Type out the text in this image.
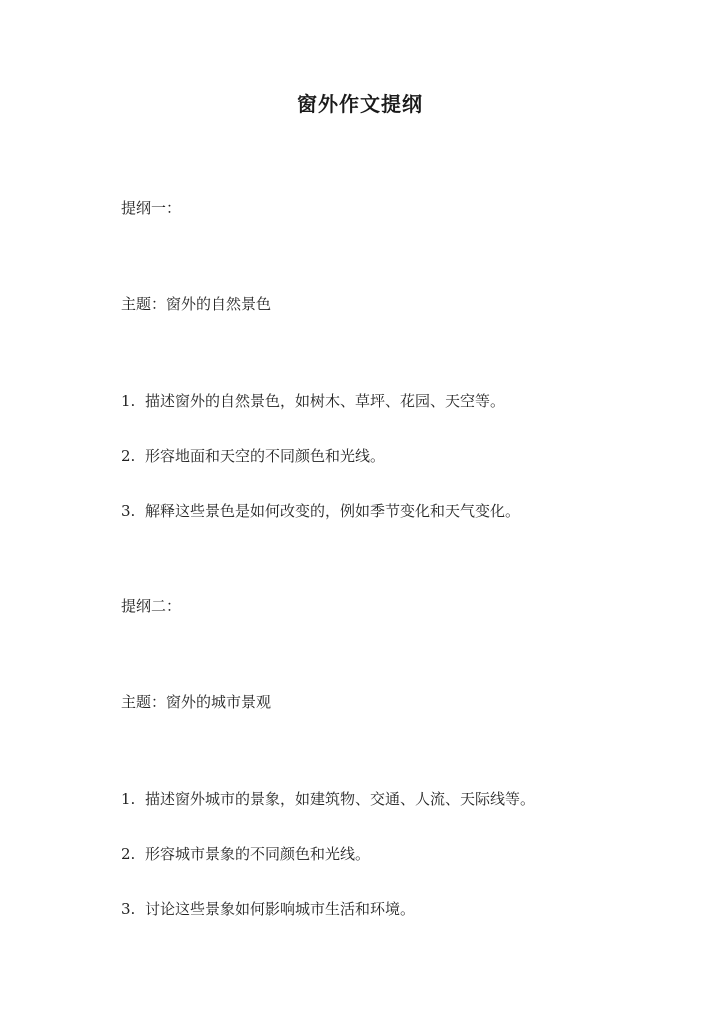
窗外作文提纲
提纲一：
主题：窗外的自然景色
1. 描述窗外的自然景色，如树木、草坪、花园、天空等。
2. 形容地面和天空的不同颜色和光线。
3. 解释这些景色是如何改变的，例如季节变化和天气变化。
提纲二：
主题：窗外的城市景观
1. 描述窗外城市的景象，如建筑物、交通、人流、天际线等。
2. 形容城市景象的不同颜色和光线。
3. 讨论这些景象如何影响城市生活和环境。
